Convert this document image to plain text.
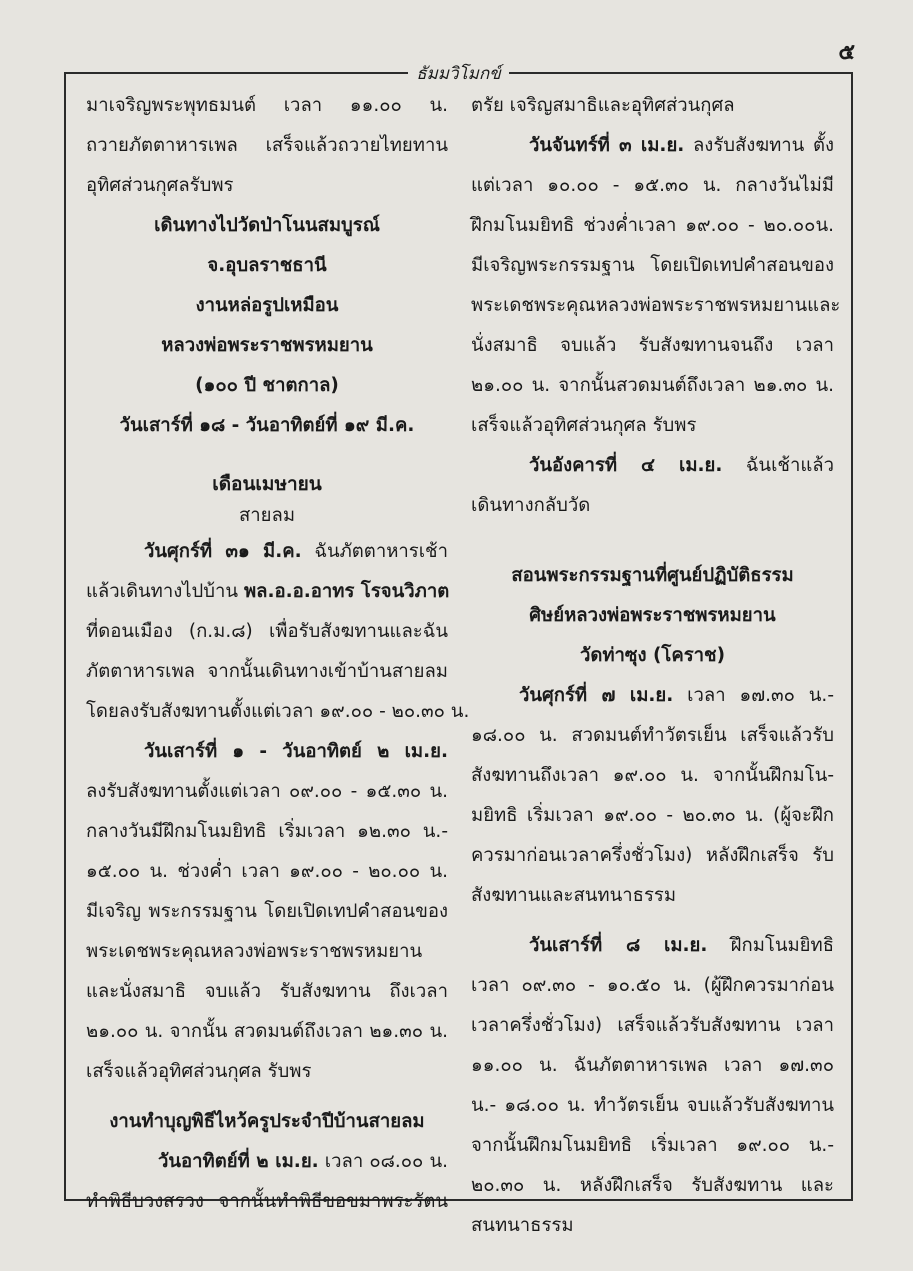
๕
ธัมมวิโมกข์

มาเจริญพระพุทธมนต์ เวลา ๑๑.๐๐ น.
ถวายภัตตาหารเพล เสร็จแล้วถวายไทยทาน
อุทิศส่วนกุศลรับพร

เดินทางไปวัดป่าโนนสมบูรณ์
จ.อุบลราชธานี
งานหล่อรูปเหมือน
หลวงพ่อพระราชพรหมยาน
(๑๐๐ ปี ชาตกาล)
วันเสาร์ที่ ๑๘ - วันอาทิตย์ที่ ๑๙ มี.ค.
เดือนเมษายน
สายลม

วันศุกร์ที่ ๓๑ มี.ค. ฉันภัตตาหารเช้า
แล้วเดินทางไปบ้าน พล.อ.อ.อาทร โรจนวิภาต
ที่ดอนเมือง (ก.ม.๘) เพื่อรับสังฆทานและฉัน
ภัตตาหารเพล จากนั้นเดินทางเข้าบ้านสายลม
โดยลงรับสังฆทานตั้งแต่เวลา ๑๙.๐๐ - ๒๐.๓๐ น.

วันเสาร์ที่ ๑ - วันอาทิตย์ ๒ เม.ย.
ลงรับสังฆทานตั้งแต่เวลา ๐๙.๐๐ - ๑๕.๓๐ น.
กลางวันมีฝึกมโนมยิทธิ เริ่มเวลา ๑๒.๓๐ น.-
๑๕.๐๐ น. ช่วงค่ำ เวลา ๑๙.๐๐ - ๒๐.๐๐ น.
มีเจริญ พระกรรมฐาน โดยเปิดเทปคำสอนของ
พระเดชพระคุณหลวงพ่อพระราชพรหมยาน
และนั่งสมาธิ จบแล้ว รับสังฆทาน ถึงเวลา
๒๑.๐๐ น. จากนั้น สวดมนต์ถึงเวลา ๒๑.๓๐ น.
เสร็จแล้วอุทิศส่วนกุศล รับพร

งานทำบุญพิธีไหว้ครูประจำปีบ้านสายลม

วันอาทิตย์ที่ ๒ เม.ย. เวลา ๐๘.๐๐ น.
ทำพิธีบวงสรวง จากนั้นทำพิธีขอขมาพระรัตน

ตรัย เจริญสมาธิและอุทิศส่วนกุศล

วันจันทร์ที่ ๓ เม.ย. ลงรับสังฆทาน ตั้ง
แต่เวลา ๑๐.๐๐ - ๑๕.๓๐ น. กลางวันไม่มี
ฝึกมโนมยิทธิ ช่วงค่ำเวลา ๑๙.๐๐ - ๒๐.๐๐น.
มีเจริญพระกรรมฐาน โดยเปิดเทปคำสอนของ
พระเดชพระคุณหลวงพ่อพระราชพรหมยานและ
นั่งสมาธิ จบแล้ว รับสังฆทานจนถึง เวลา
๒๑.๐๐ น. จากนั้นสวดมนต์ถึงเวลา ๒๑.๓๐ น.
เสร็จแล้วอุทิศส่วนกุศล รับพร

วันอังคารที่ ๔ เม.ย. ฉันเช้าแล้ว
เดินทางกลับวัด

สอนพระกรรมฐานที่ศูนย์ปฏิบัติธรรม
ศิษย์หลวงพ่อพระราชพรหมยาน
วัดท่าซุง (โคราช)

วันศุกร์ที่ ๗ เม.ย. เวลา ๑๗.๓๐ น.-
๑๘.๐๐ น. สวดมนต์ทำวัตรเย็น เสร็จแล้วรับ
สังฆทานถึงเวลา ๑๙.๐๐ น. จากนั้นฝึกมโน-
มยิทธิ เริ่มเวลา ๑๙.๐๐ - ๒๐.๓๐ น. (ผู้จะฝึก
ควรมาก่อนเวลาครึ่งชั่วโมง) หลังฝึกเสร็จ รับ
สังฆทานและสนทนาธรรม

วันเสาร์ที่ ๘ เม.ย. ฝึกมโนมยิทธิ
เวลา ๐๙.๓๐ - ๑๐.๕๐ น. (ผู้ฝึกควรมาก่อน
เวลาครึ่งชั่วโมง) เสร็จแล้วรับสังฆทาน เวลา
๑๑.๐๐ น. ฉันภัตตาหารเพล เวลา ๑๗.๓๐
น.- ๑๘.๐๐ น. ทำวัตรเย็น จบแล้วรับสังฆทาน
จากนั้นฝึกมโนมยิทธิ เริ่มเวลา ๑๙.๐๐ น.-
๒๐.๓๐ น. หลังฝึกเสร็จ รับสังฆทาน และ
สนทนาธรรม
